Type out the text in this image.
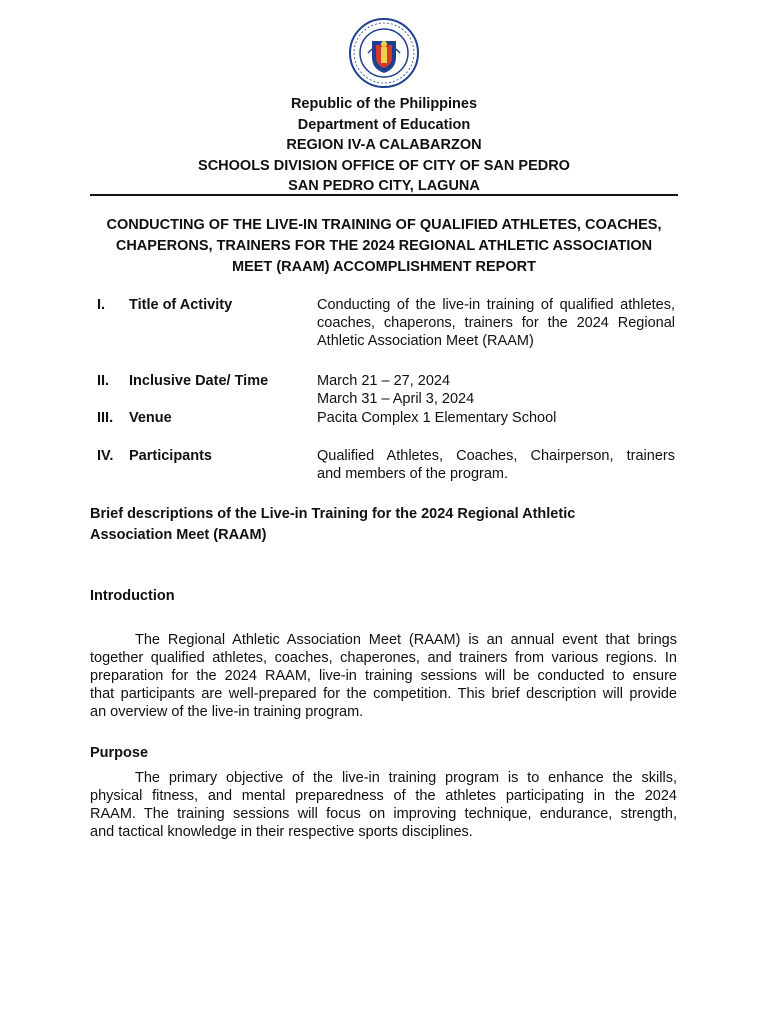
Republic of the Philippines
Department of Education
REGION IV-A CALABARZON
SCHOOLS DIVISION OFFICE OF CITY OF SAN PEDRO
SAN PEDRO CITY, LAGUNA
CONDUCTING OF THE LIVE-IN TRAINING OF QUALIFIED ATHLETES, COACHES,
CHAPERONS, TRAINERS FOR THE 2024 REGIONAL ATHLETIC ASSOCIATION
MEET (RAAM) ACCOMPLISHMENT REPORT
I. Title of Activity	Conducting of the live-in training of qualified athletes,
coaches, chaperons, trainers for the 2024 Regional
Athletic Association Meet (RAAM)
II. Inclusive Date/ Time	March 21 – 27, 2024
March 31 – April 3, 2024
III. Venue	Pacita Complex 1 Elementary School
IV. Participants	Qualified Athletes, Coaches, Chairperson, trainers
and members of the program.
Brief descriptions of the Live-in Training for the 2024 Regional Athletic
Association Meet (RAAM)
Introduction
The Regional Athletic Association Meet (RAAM) is an annual event that brings
together qualified athletes, coaches, chaperones, and trainers from various regions. In
preparation for the 2024 RAAM, live-in training sessions will be conducted to ensure
that participants are well-prepared for the competition. This brief description will provide
an overview of the live-in training program.
Purpose
The primary objective of the live-in training program is to enhance the skills,
physical fitness, and mental preparedness of the athletes participating in the 2024
RAAM. The training sessions will focus on improving technique, endurance, strength,
and tactical knowledge in their respective sports disciplines.
